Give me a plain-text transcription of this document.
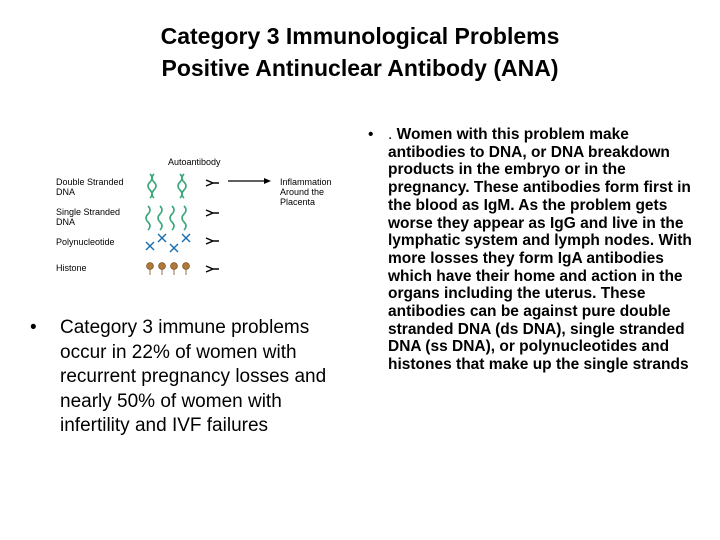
Category 3 Immunological Problems
Positive Antinuclear Antibody (ANA)
Autoantibody
Double Stranded
DNA
Single Stranded
DNA
Polynucleotide
Histone
Inflammation
Around the
Placenta
•	Category 3 immune problems occur in 22% of women with recurrent pregnancy losses and nearly 50% of women with infertility and IVF failures
• . Women with this problem make antibodies to DNA, or DNA breakdown products in the embryo or in the pregnancy. These antibodies form first in the blood as IgM. As the problem gets worse they appear as IgG and live in the lymphatic system and lymph nodes. With more losses they form IgA antibodies which have their home and action in the organs including the uterus. These antibodies can be against pure double stranded DNA (ds DNA), single stranded DNA (ss DNA), or polynucleotides and histones that make up the single strands
